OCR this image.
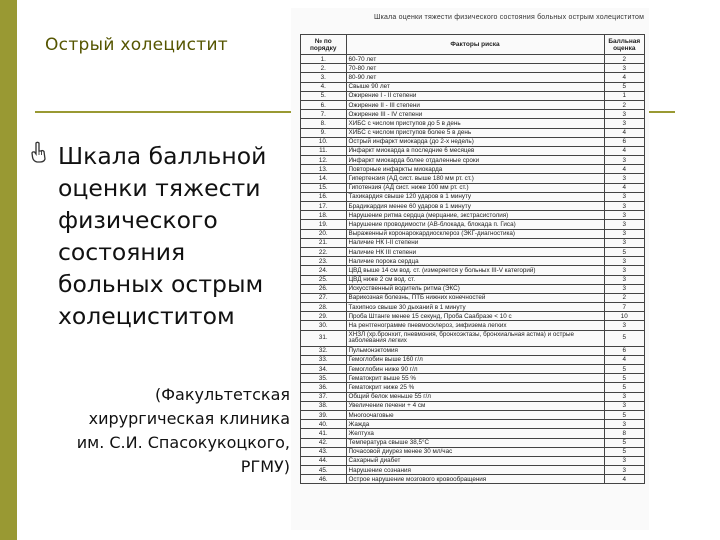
Острый холецистит
Шкала балльной оценки тяжести физического состояния больных острым холециститом
(Факультетская
хирургическая клиника
им. С.И. Спасокукоцкого,
РГМУ)
Шкала оценки тяжести физического состояния больных острым холециститом
№ по порядку	Факторы риска	Балльная оценка
1.	60-70 лет	2
2.	70-80 лет	3
3.	80-90 лет	4
4.	Свыше 90 лет	5
5.	Ожирение I - II степени	1
6.	Ожирение II - III степени	2
7.	Ожирение III - IV степени	3
8.	ХИБС с числом приступов до 5 в день	3
9.	ХИБС с числом приступов более 5 в день	4
10.	Острый инфаркт миокарда (до 2-х недель)	6
11.	Инфаркт миокарда в последние 6 месяцев	4
12.	Инфаркт миокарда более отдаленные сроки	3
13.	Повторные инфаркты миокарда	4
14.	Гипертензия (АД сист. выше 180 мм рт. ст.)	3
15.	Гипотензия (АД сист. ниже 100 мм рт. ст.)	4
16.	Тахикардия свыше 120 ударов в 1 минуту	3
17.	Брадикардия менее 60 ударов в 1 минуту	3
18.	Нарушение ритма сердца (мерцание, экстрасистолия)	3
19.	Нарушение проводимости (АВ-блокада, блокада п. Гиса)	3
20.	Выраженный коронарокардиосклероз (ЭКГ-диагностика)	3
21.	Наличие НК I-II степени	3
22.	Наличие НК III степени	5
23.	Наличие порока сердца	3
24.	ЦВД выше 14 см вод. ст. (измеряется у больных III-V категорий)	3
25.	ЦВД ниже 2 см вод. ст.	3
26.	Искусственный водитель ритма (ЭКС)	3
27.	Варикозная болезнь, ПТБ нижних конечностей	2
28.	Тахипноэ свыше 30 дыханий в 1 минуту	7
29.	Проба Штанге менее 15 секунд, Проба Саабразе < 10 с	10
30.	На рентгенограмме пневмосклероз, эмфизема легких	3
31.	ХНЗЛ (хр.бронхит, пневмония, бронхоэктазы, бронхиальная астма) и острые заболевания легких	5
32.	Пульмонэктомия	6
33.	Гемоглобин выше 160 г/л	4
34.	Гемоглобин ниже 90 г/л	5
35.	Гематокрит выше 55 %	5
36.	Гематокрит ниже 25 %	5
37.	Общий белок меньше 55 г/л	3
38.	Увеличение печени + 4 см	3
39.	Многоочаговые	5
40.	Жажда	3
41.	Желтуха	8
42.	Температура свыше 38,5°С	5
43.	Почасовой диурез менее 30 мл/час	5
44.	Сахарный диабет	3
45.	Нарушение сознания	3
46.	Острое нарушение мозгового кровообращения	4
